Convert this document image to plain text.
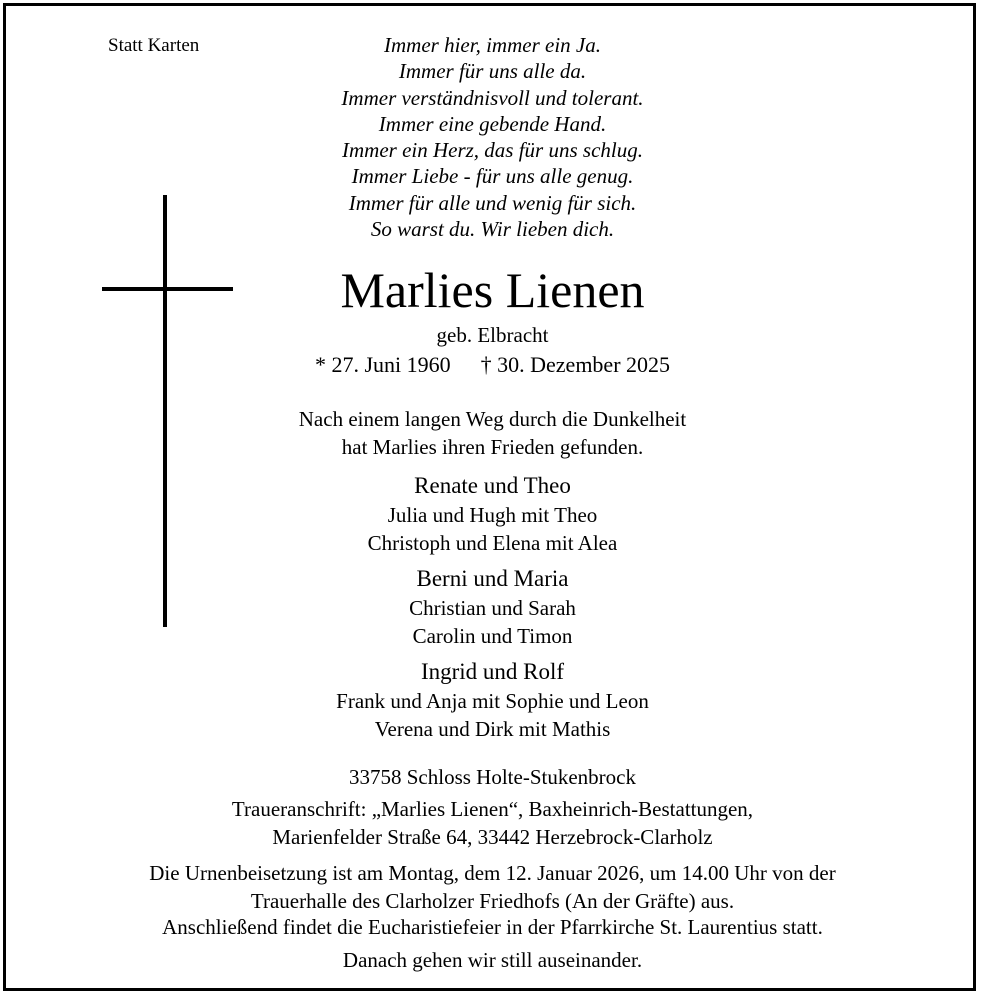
Statt Karten	Immer hier, immer ein Ja.
Immer für uns alle da.
Immer verständnisvoll und tolerant.
Immer eine gebende Hand.
Immer ein Herz, das für uns schlug.
Immer Liebe - für uns alle genug.
Immer für alle und wenig für sich.
So warst du. Wir lieben dich.
Marlies Lienen
geb. Elbracht
* 27. Juni 1960 † 30. Dezember 2025
Nach einem langen Weg durch die Dunkelheit
hat Marlies ihren Frieden gefunden.
Renate und Theo
Julia und Hugh mit Theo
Christoph und Elena mit Alea
Berni und Maria
Christian und Sarah
Carolin und Timon
Ingrid und Rolf
Frank und Anja mit Sophie und Leon
Verena und Dirk mit Mathis
33758 Schloss Holte-Stukenbrock
Traueranschrift: „Marlies Lienen“, Baxheinrich-Bestattungen,
Marienfelder Straße 64, 33442 Herzebrock-Clarholz
Die Urnenbeisetzung ist am Montag, dem 12. Januar 2026, um 14.00 Uhr von der
Trauerhalle des Clarholzer Friedhofs (An der Gräfte) aus.
Anschließend findet die Eucharistiefeier in der Pfarrkirche St. Laurentius statt.
Danach gehen wir still auseinander.
